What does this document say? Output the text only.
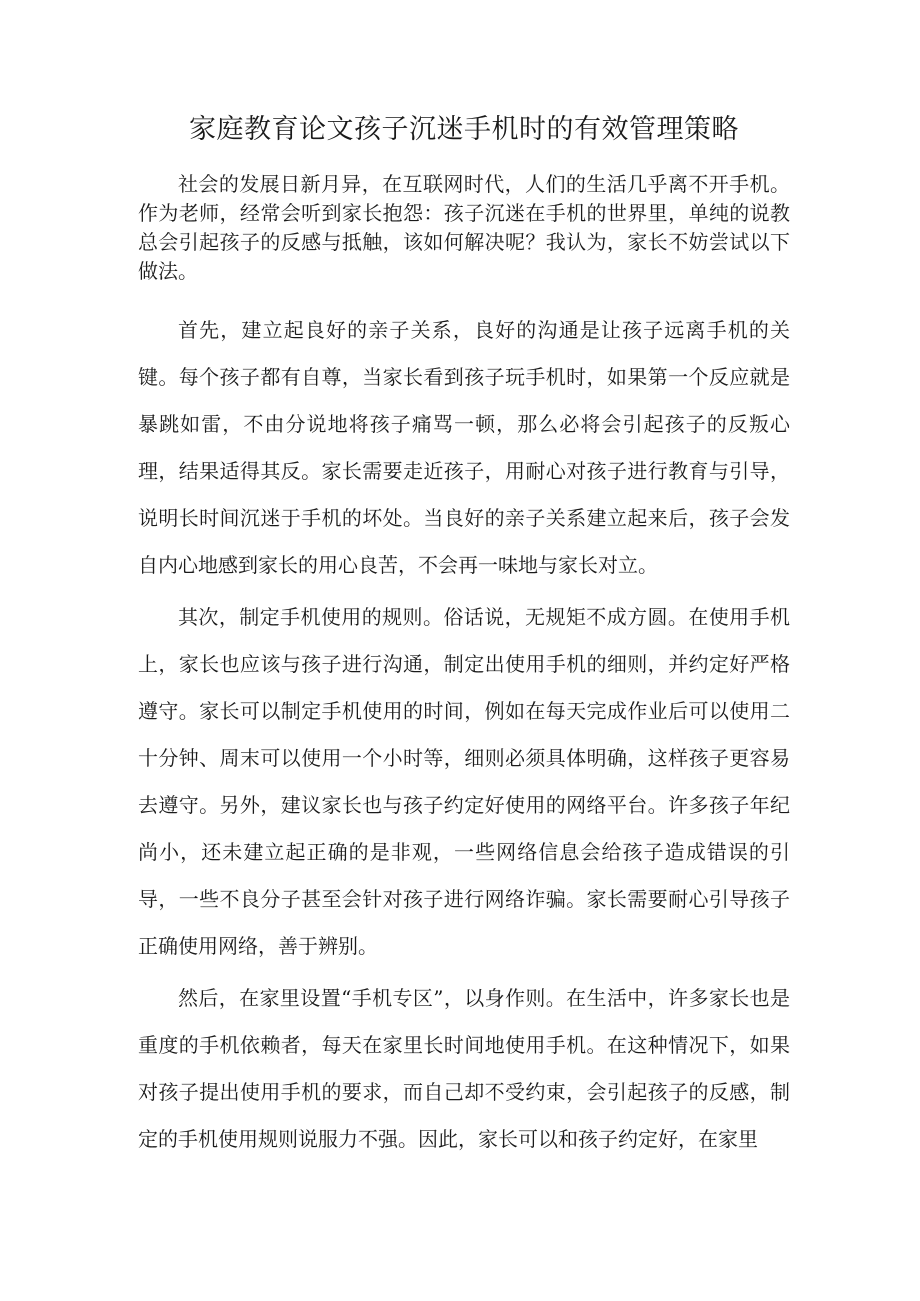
家庭教育论文孩子沉迷手机时的有效管理策略

社会的发展日新月异，在互联网时代，人们的生活几乎离不开手机。作为老师，经常会听到家长抱怨：孩子沉迷在手机的世界里，单纯的说教总会引起孩子的反感与抵触，该如何解决呢？我认为，家长不妨尝试以下做法。

首先，建立起良好的亲子关系，良好的沟通是让孩子远离手机的关键。每个孩子都有自尊，当家长看到孩子玩手机时，如果第一个反应就是暴跳如雷，不由分说地将孩子痛骂一顿，那么必将会引起孩子的反叛心理，结果适得其反。家长需要走近孩子，用耐心对孩子进行教育与引导，说明长时间沉迷于手机的坏处。当良好的亲子关系建立起来后，孩子会发自内心地感到家长的用心良苦，不会再一味地与家长对立。

其次，制定手机使用的规则。俗话说，无规矩不成方圆。在使用手机上，家长也应该与孩子进行沟通，制定出使用手机的细则，并约定好严格遵守。家长可以制定手机使用的时间，例如在每天完成作业后可以使用二十分钟、周末可以使用一个小时等，细则必须具体明确，这样孩子更容易去遵守。另外，建议家长也与孩子约定好使用的网络平台。许多孩子年纪尚小，还未建立起正确的是非观，一些网络信息会给孩子造成错误的引导，一些不良分子甚至会针对孩子进行网络诈骗。家长需要耐心引导孩子正确使用网络，善于辨别。

然后，在家里设置“手机专区”，以身作则。在生活中，许多家长也是重度的手机依赖者，每天在家里长时间地使用手机。在这种情况下，如果对孩子提出使用手机的要求，而自己却不受约束，会引起孩子的反感，制定的手机使用规则说服力不强。因此，家长可以和孩子约定好，在家里
